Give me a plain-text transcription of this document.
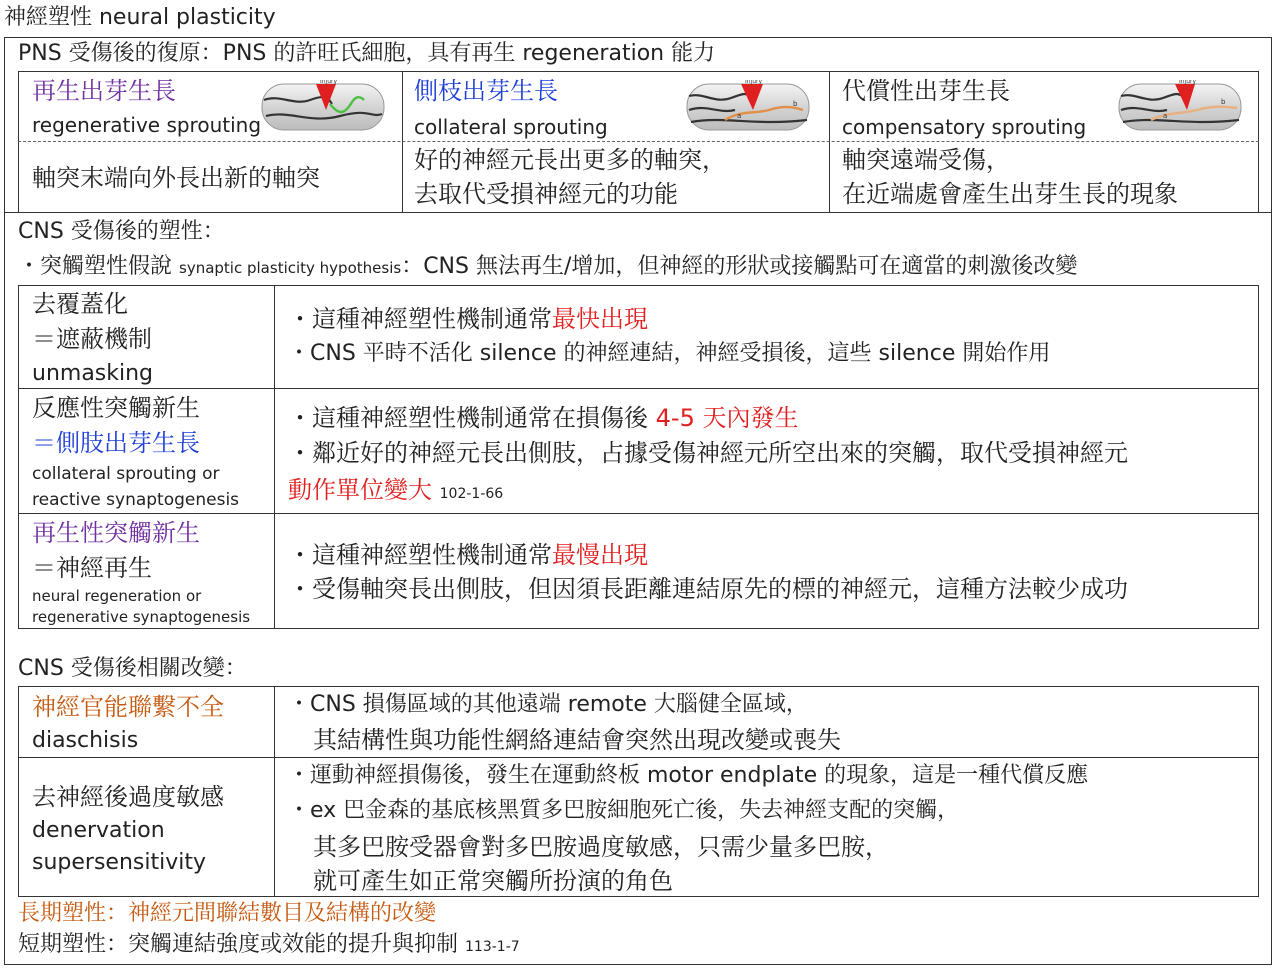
神經塑性 neural plasticity
PNS 受傷後的復原：PNS 的許旺氏細胞，具有再生 regeneration 能力
再生出芽生長
regenerative sprouting
Injury
軸突末端向外長出新的軸突
側枝出芽生長
collateral sprouting
Injury
a
b
好的神經元長出更多的軸突，
去取代受損神經元的功能
代償性出芽生長
compensatory sprouting
Injury
a
b
軸突遠端受傷，
在近端處會產生出芽生長的現象
CNS 受傷後的塑性：
・突觸塑性假說 synaptic plasticity hypothesis：CNS 無法再生/增加，但神經的形狀或接觸點可在適當的刺激後改變
去覆蓋化
＝遮蔽機制
unmasking
・這種神經塑性機制通常最快出現
・CNS 平時不活化 silence 的神經連結，神經受損後，這些 silence 開始作用
反應性突觸新生
＝側肢出芽生長
collateral sprouting or
reactive synaptogenesis
・這種神經塑性機制通常在損傷後 4-5 天內發生
・鄰近好的神經元長出側肢，占據受傷神經元所空出來的突觸，取代受損神經元
動作單位變大 102-1-66
再生性突觸新生
＝神經再生
neural regeneration or
regenerative synaptogenesis
・這種神經塑性機制通常最慢出現
・受傷軸突長出側肢，但因須長距離連結原先的標的神經元，這種方法較少成功
CNS 受傷後相關改變：
神經官能聯繫不全
diaschisis
・CNS 損傷區域的其他遠端 remote 大腦健全區域，
其結構性與功能性網絡連結會突然出現改變或喪失
去神經後過度敏感
denervation
supersensitivity
・運動神經損傷後，發生在運動終板 motor endplate 的現象，這是一種代償反應
・ex 巴金森的基底核黑質多巴胺細胞死亡後，失去神經支配的突觸，
其多巴胺受器會對多巴胺過度敏感，只需少量多巴胺，
就可產生如正常突觸所扮演的角色
長期塑性：神經元間聯結數目及結構的改變
短期塑性：突觸連結強度或效能的提升與抑制 113-1-7
